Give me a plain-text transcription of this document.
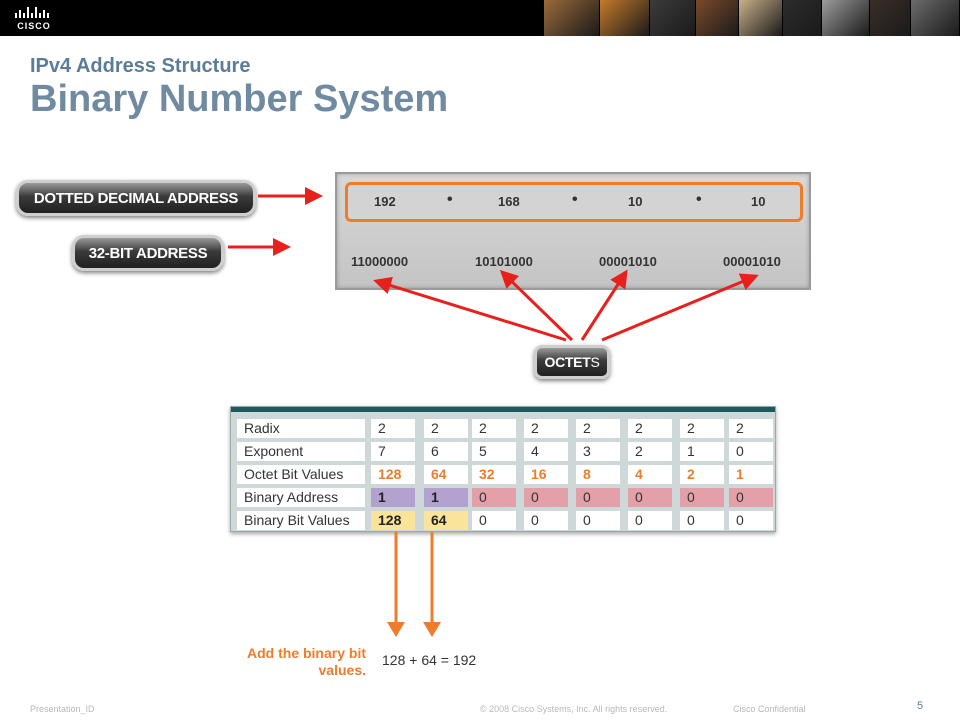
CISCO
IPv4 Address Structure
Binary Number System
DOTTED DECIMAL ADDRESS
32-BIT ADDRESS
OCTET S
192	•	168	•	10	•	10
11000000	10101000	00001010	00001010
Radix	2	2	2	2	2	2	2	2
Exponent	7	6	5	4	3	2	1	0
Octet Bit Values	128	64	32	16	8	4	2	1
Binary Address	1	1	0	0	0	0	0	0
Binary Bit Values	128	64	0	0	0	0	0	0
Add the binary bit values.
128 + 64 = 192
Presentation_ID	© 2008 Cisco Systems, Inc. All rights reserved.	Cisco Confidential	5
